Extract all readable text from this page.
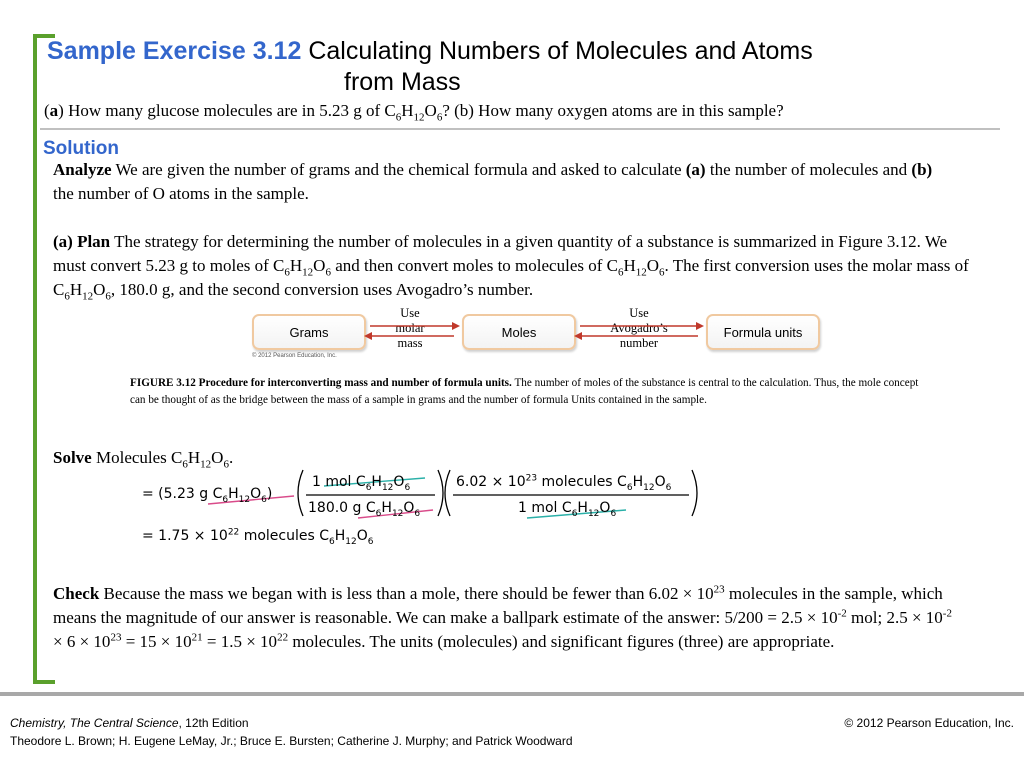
Sample Exercise 3.12 Calculating Numbers of Molecules and Atoms
from Mass
(a) How many glucose molecules are in 5.23 g of $C_6H_{12}O_6$? (b) How many oxygen atoms are in this sample?
Solution
Analyze We are given the number of grams and the chemical formula and asked to calculate (a) the number of molecules and (b) the number of O atoms in the sample.
(a) Plan The strategy for determining the number of molecules in a given quantity of a substance is summarized in Figure 3.12. We must convert 5.23 g to moles of $C_6H_{12}O_6$ and then convert moles to molecules of $C_6H_{12}O_6$. The first conversion uses the molar mass of $C_6H_{12}O_6$, 180.0 g, and the second conversion uses Avogadro’s number.
Grams
Use
molar
mass
Moles
Use
Avogadro’s
number
Formula units
© 2012 Pearson Education, Inc.
FIGURE 3.12 Procedure for interconverting mass and number of formula units. The number of moles of the substance is central to the calculation. Thus, the mole concept can be thought of as the bridge between the mass of a sample in grams and the number of formula Units contained in the sample.
Solve Molecules $C_6H_{12}O_6$.
= (5.23 g $C_6H_{12}O_6$)
1 mol $C_6H_{12}O_6$
180.0 g $C_6H_{12}O_6$
$6.02 \times 10^{23}$ molecules $C_6H_{12}O_6$
1 mol $C_6H_{12}O_6$
= $1.75 \times 10^{22}$ molecules $C_6H_{12}O_6$
Check Because the mass we began with is less than a mole, there should be fewer than $6.02 \times 10^{23}$ molecules in the sample, which means the magnitude of our answer is reasonable. We can make a ballpark estimate of the answer: $5/200 = 2.5 \times 10^{-2}$ mol; $2.5 \times 10^{-2} \times 6 \times 10^{23} = 15 \times 10^{21} = 1.5 \times 10^{22}$ molecules. The units (molecules) and significant figures (three) are appropriate.
Chemistry, The Central Science, 12th Edition
Theodore L. Brown; H. Eugene LeMay, Jr.; Bruce E. Bursten; Catherine J. Murphy; and Patrick Woodward
© 2012 Pearson Education, Inc.
